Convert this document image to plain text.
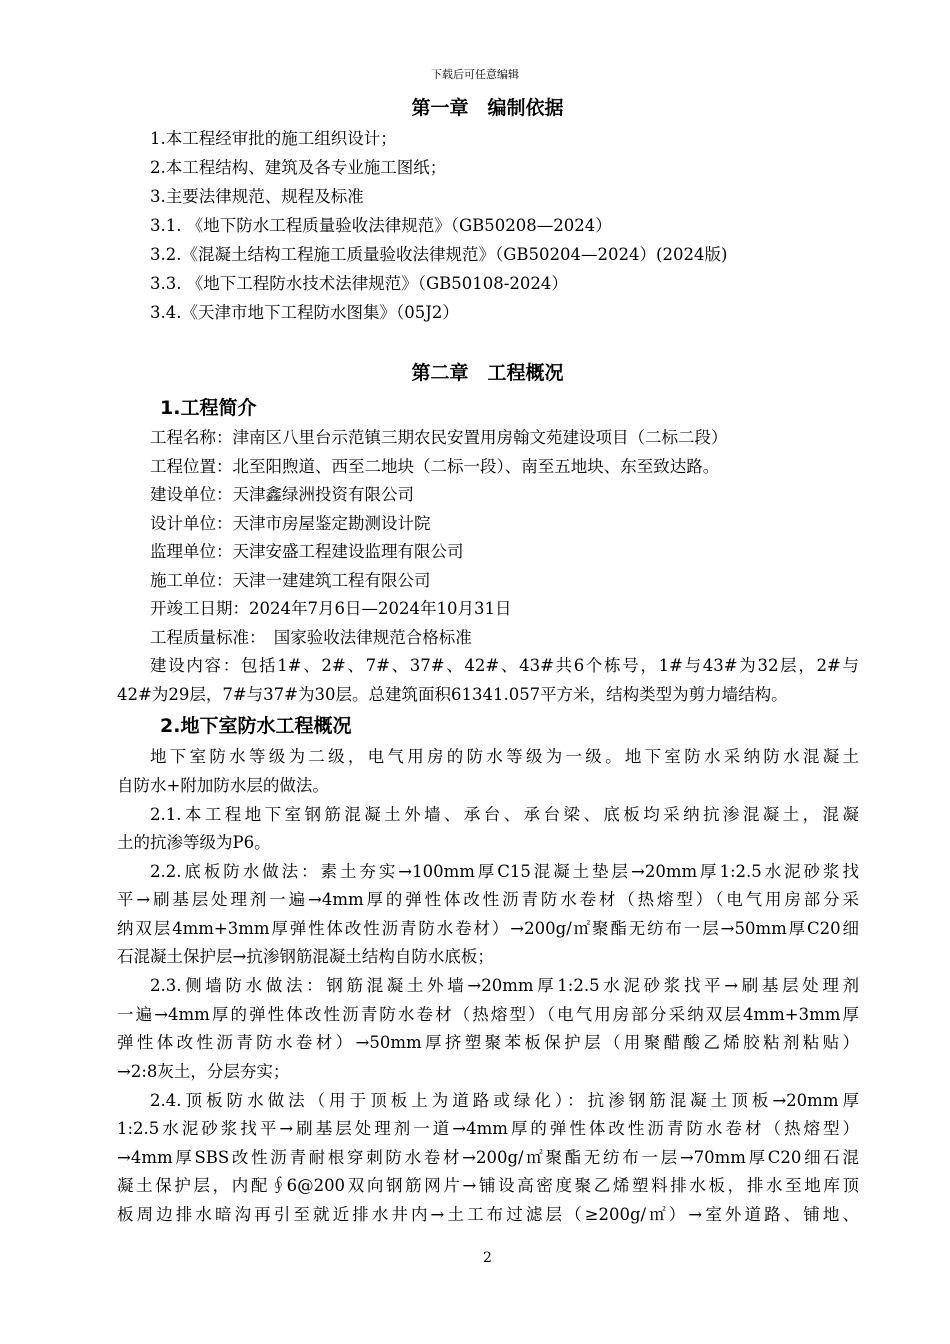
下载后可任意编辑
第一章　编制依据
1.本工程经审批的施工组织设计；
2.本工程结构、建筑及各专业施工图纸；
3.主要法律规范、规程及标准
3.1. 《地下防水工程质量验收法律规范》（GB50208—2024）
3.2.《混凝土结构工程施工质量验收法律规范》（GB50204—2024）(2024版)
3.3. 《地下工程防水技术法律规范》（GB50108-2024）
3.4.《天津市地下工程防水图集》（05J2）
第二章　工程概况
1.工程简介
工程名称：津南区八里台示范镇三期农民安置用房翰文苑建设项目（二标二段）
工程位置：北至阳煦道、西至二地块（二标一段）、南至五地块、东至致达路。
建设单位：天津鑫绿洲投资有限公司
设计单位：天津市房屋鉴定勘测设计院
监理单位：天津安盛工程建设监理有限公司
施工单位：天津一建建筑工程有限公司
开竣工日期：2024年7月6日—2024年10月31日
工程质量标准：　国家验收法律规范合格标准
建设内容：包括1#、2#、7#、37#、42#、43#共6个栋号，1#与43#为32层，2#与
42#为29层，7#与37#为30层。总建筑面积61341.057平方米，结构类型为剪力墙结构。
2.地下室防水工程概况
地下室防水等级为二级，电气用房的防水等级为一级。地下室防水采纳防水混凝土
自防水+附加防水层的做法。
2.1.本工程地下室钢筋混凝土外墙、承台、承台梁、底板均采纳抗渗混凝土，混凝
土的抗渗等级为P6。
2.2.底板防水做法：素土夯实→100mm厚C15混凝土垫层→20mm厚1:2.5水泥砂浆找
平→刷基层处理剂一遍→4mm厚的弹性体改性沥青防水卷材（热熔型）（电气用房部分采
纳双层4mm+3mm厚弹性体改性沥青防水卷材）→200g/㎡聚酯无纺布一层→50mm厚C20细
石混凝土保护层→抗渗钢筋混凝土结构自防水底板；
2.3.侧墙防水做法：钢筋混凝土外墙→20mm厚1:2.5水泥砂浆找平→刷基层处理剂
一遍→4mm厚的弹性体改性沥青防水卷材（热熔型）（电气用房部分采纳双层4mm+3mm厚
弹性体改性沥青防水卷材）→50mm厚挤塑聚苯板保护层（用聚醋酸乙烯胶粘剂粘贴）
→2:8灰土，分层夯实；
2.4.顶板防水做法（用于顶板上为道路或绿化）：抗渗钢筋混凝土顶板→20mm厚
1:2.5水泥砂浆找平→刷基层处理剂一道→4mm厚的弹性体改性沥青防水卷材（热熔型）
→4mm厚SBS改性沥青耐根穿刺防水卷材→200g/㎡聚酯无纺布一层→70mm厚C20细石混
凝土保护层，内配∮6@200双向钢筋网片→铺设高密度聚乙烯塑料排水板，排水至地库顶
板周边排水暗沟再引至就近排水井内→土工布过滤层（≥200g/㎡）→室外道路、铺地、
2
